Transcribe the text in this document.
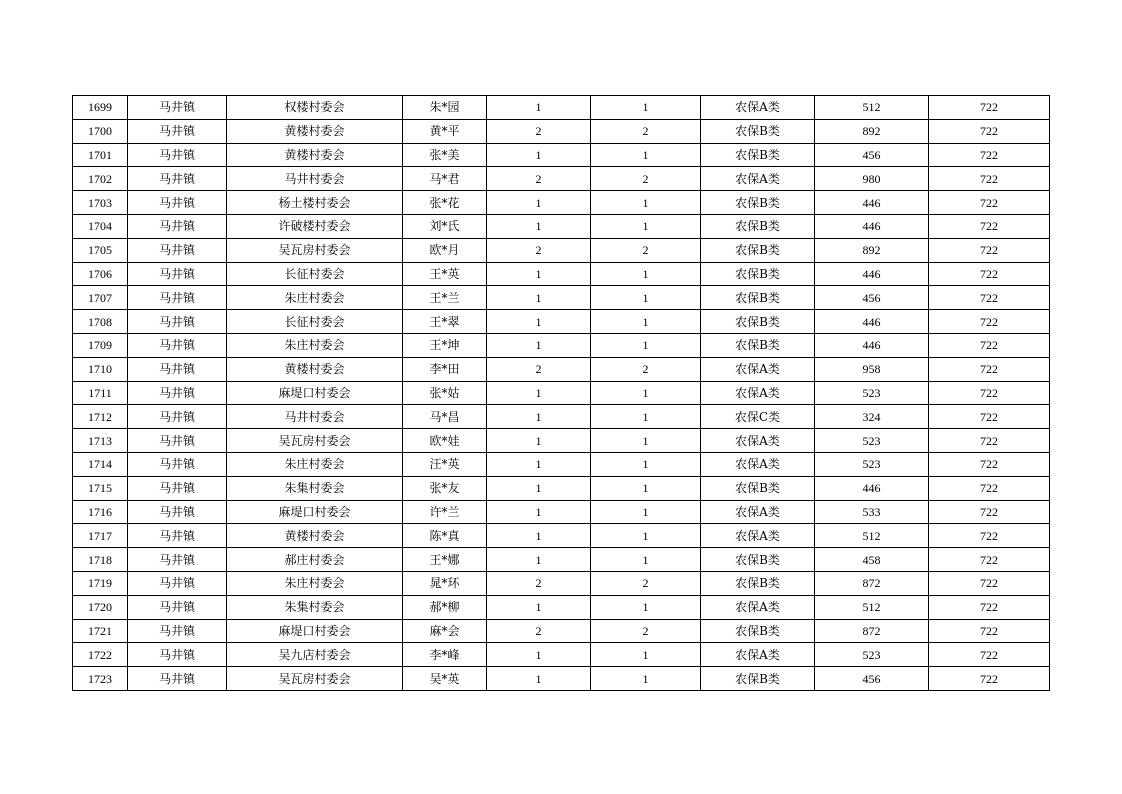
1699	马井镇	权楼村委会	朱*园	1	1	农保A类	512	722
1700	马井镇	黄楼村委会	黄*平	2	2	农保B类	892	722
1701	马井镇	黄楼村委会	张*美	1	1	农保B类	456	722
1702	马井镇	马井村委会	马*君	2	2	农保A类	980	722
1703	马井镇	杨土楼村委会	张*花	1	1	农保B类	446	722
1704	马井镇	许破楼村委会	刘*氏	1	1	农保B类	446	722
1705	马井镇	吴瓦房村委会	欧*月	2	2	农保B类	892	722
1706	马井镇	长征村委会	王*英	1	1	农保B类	446	722
1707	马井镇	朱庄村委会	王*兰	1	1	农保B类	456	722
1708	马井镇	长征村委会	王*翠	1	1	农保B类	446	722
1709	马井镇	朱庄村委会	王*坤	1	1	农保B类	446	722
1710	马井镇	黄楼村委会	李*田	2	2	农保A类	958	722
1711	马井镇	麻堤口村委会	张*姑	1	1	农保A类	523	722
1712	马井镇	马井村委会	马*昌	1	1	农保C类	324	722
1713	马井镇	吴瓦房村委会	欧*娃	1	1	农保A类	523	722
1714	马井镇	朱庄村委会	汪*英	1	1	农保A类	523	722
1715	马井镇	朱集村委会	张*友	1	1	农保B类	446	722
1716	马井镇	麻堤口村委会	许*兰	1	1	农保A类	533	722
1717	马井镇	黄楼村委会	陈*真	1	1	农保A类	512	722
1718	马井镇	郝庄村委会	王*娜	1	1	农保B类	458	722
1719	马井镇	朱庄村委会	晁*环	2	2	农保B类	872	722
1720	马井镇	朱集村委会	郝*柳	1	1	农保A类	512	722
1721	马井镇	麻堤口村委会	麻*会	2	2	农保B类	872	722
1722	马井镇	吴九店村委会	李*峰	1	1	农保A类	523	722
1723	马井镇	吴瓦房村委会	吴*英	1	1	农保B类	456	722
